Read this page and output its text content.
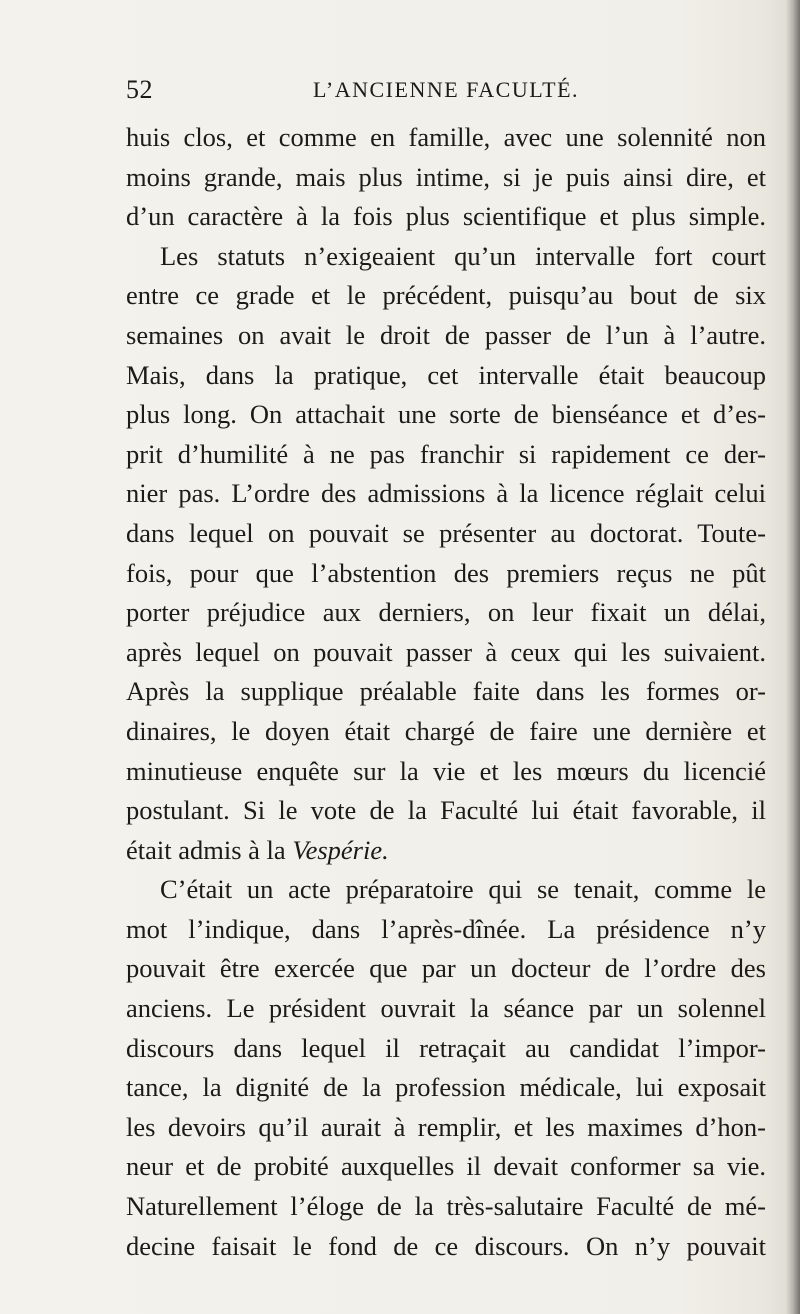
52	L’ANCIENNE FACULTÉ.
huis clos, et comme en famille, avec une solennité non
moins grande, mais plus intime, si je puis ainsi dire, et
d’un caractère à la fois plus scientifique et plus simple.
Les statuts n’exigeaient qu’un intervalle fort court
entre ce grade et le précédent, puisqu’au bout de six
semaines on avait le droit de passer de l’un à l’autre.
Mais, dans la pratique, cet intervalle était beaucoup
plus long. On attachait une sorte de bienséance et d’es-
prit d’humilité à ne pas franchir si rapidement ce der-
nier pas. L’ordre des admissions à la licence réglait celui
dans lequel on pouvait se présenter au doctorat. Toute-
fois, pour que l’abstention des premiers reçus ne pût
porter préjudice aux derniers, on leur fixait un délai,
après lequel on pouvait passer à ceux qui les suivaient.
Après la supplique préalable faite dans les formes or-
dinaires, le doyen était chargé de faire une dernière et
minutieuse enquête sur la vie et les mœurs du licencié
postulant. Si le vote de la Faculté lui était favorable, il
était admis à la Vespérie.
C’était un acte préparatoire qui se tenait, comme le
mot l’indique, dans l’après-dînée. La présidence n’y
pouvait être exercée que par un docteur de l’ordre des
anciens. Le président ouvrait la séance par un solennel
discours dans lequel il retraçait au candidat l’impor-
tance, la dignité de la profession médicale, lui exposait
les devoirs qu’il aurait à remplir, et les maximes d’hon-
neur et de probité auxquelles il devait conformer sa vie.
Naturellement l’éloge de la très-salutaire Faculté de mé-
decine faisait le fond de ce discours. On n’y pouvait
